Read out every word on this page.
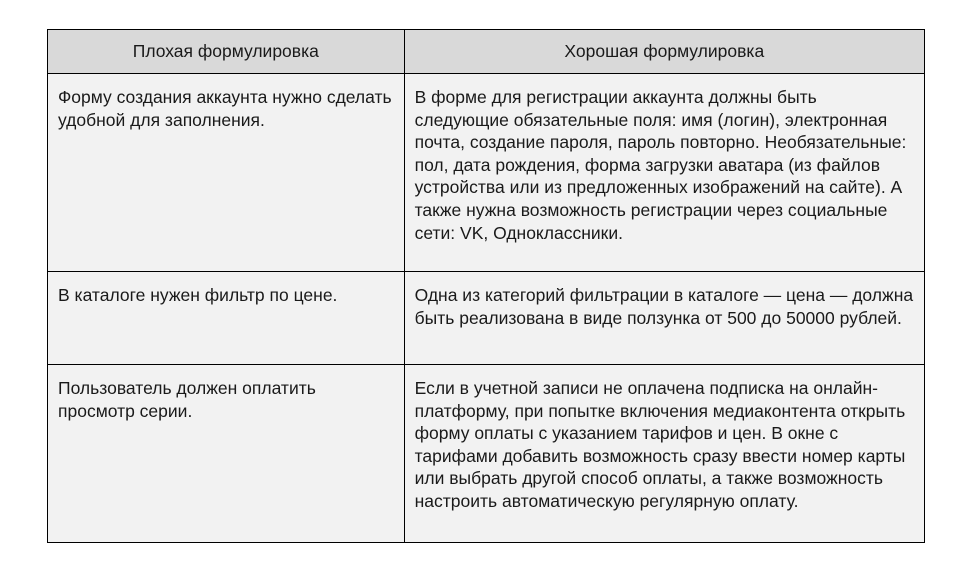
Плохая формулировка	Хорошая формулировка
Форму создания аккаунта нужно сделать удобной для заполнения.	В форме для регистрации аккаунта должны быть следующие обязательные поля: имя (логин), электронная почта, создание пароля, пароль повторно. Необязательные: пол, дата рождения, форма загрузки аватара (из файлов устройства или из предложенных изображений на сайте). А также нужна возможность регистрации через социальные сети: VK, Одноклассники.
В каталоге нужен фильтр по цене.	Одна из категорий фильтрации в каталоге — цена — должна быть реализована в виде ползунка от 500 до 50000 рублей.
Пользователь должен оплатить просмотр серии.	Если в учетной записи не оплачена подписка на онлайн-платформу, при попытке включения медиаконтента открыть форму оплаты с указанием тарифов и цен. В окне с тарифами добавить возможность сразу ввести номер карты или выбрать другой способ оплаты, а также возможность настроить автоматическую регулярную оплату.
